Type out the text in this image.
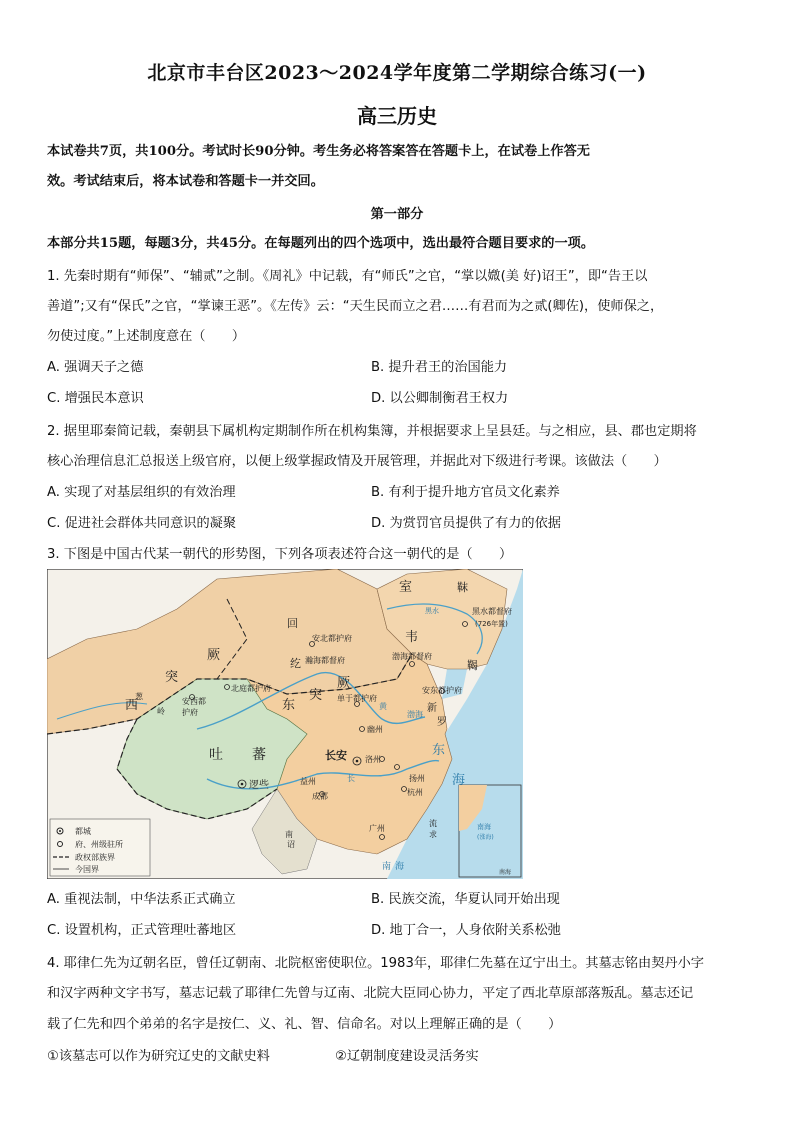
北京市丰台区2023～2024学年度第二学期综合练习(一)
高三历史
本试卷共7页，共100分。考试时长90分钟。考生务必将答案答在答题卡上，在试卷上作答无
效。考试结束后，将本试卷和答题卡一并交回。
第一部分
本部分共15题，每题3分，共45分。在每题列出的四个选项中，选出最符合题目要求的一项。
1. 先秦时期有“师保”、“辅贰”之制。《周礼》中记载，有“师氏”之官，“掌以媺(美 好)诏王”，即“告王以
善道”;又有“保氏”之官，“掌谏王恶”。《左传》云：“天生民而立之君……有君而为之贰(卿佐)，使师保之，
勿使过度。”上述制度意在（　　）
A. 强调天子之德	B. 提升君王的治国能力
C. 增强民本意识	D. 以公卿制衡君王权力
2. 据里耶秦简记载，秦朝县下属机构定期制作所在机构集簿，并根据要求上呈县廷。与之相应，县、郡也定期将
核心治理信息汇总报送上级官府，以便上级掌握政情及开展管理，并据此对下级进行考课。该做法（　　）
A. 实现了对基层组织的有效治理	B. 有利于提升地方官员文化素养
C. 促进社会群体共同意识的凝聚	D. 为赏罚官员提供了有力的依据
3. 下图是中国古代某一朝代的形势图，下列各项表述符合这一朝代的是（　　）
都城
府、州级驻所
政权部族界
今国界
室	靺
黑水都督府
(726年置)
韦
渤海都督府
鞨
回
纥
安北都护府
瀚海都督府
西
突
厥
东
突
厥
北庭都护府
安西都
护府
葱
岭
单于都护府
幽州
安东都护府
新
罗
吐 蕃
逻些
长安 洛州
益州
成都
扬州
杭州
广州
流
求
东
海
南 海
南海
(涨海)
南海
渤海
南
诏
黄
长
黑水
A. 重视法制，中华法系正式确立	B. 民族交流，华夏认同开始出现
C. 设置机构，正式管理吐蕃地区	D. 地丁合一，人身依附关系松弛
4. 耶律仁先为辽朝名臣，曾任辽朝南、北院枢密使职位。1983年，耶律仁先墓在辽宁出土。其墓志铭由契丹小字
和汉字两种文字书写，墓志记载了耶律仁先曾与辽南、北院大臣同心协力，平定了西北草原部落叛乱。墓志还记
载了仁先和四个弟弟的名字是按仁、义、礼、智、信命名。对以上理解正确的是（　　）
①该墓志可以作为研究辽史的文献史料	②辽朝制度建设灵活务实
